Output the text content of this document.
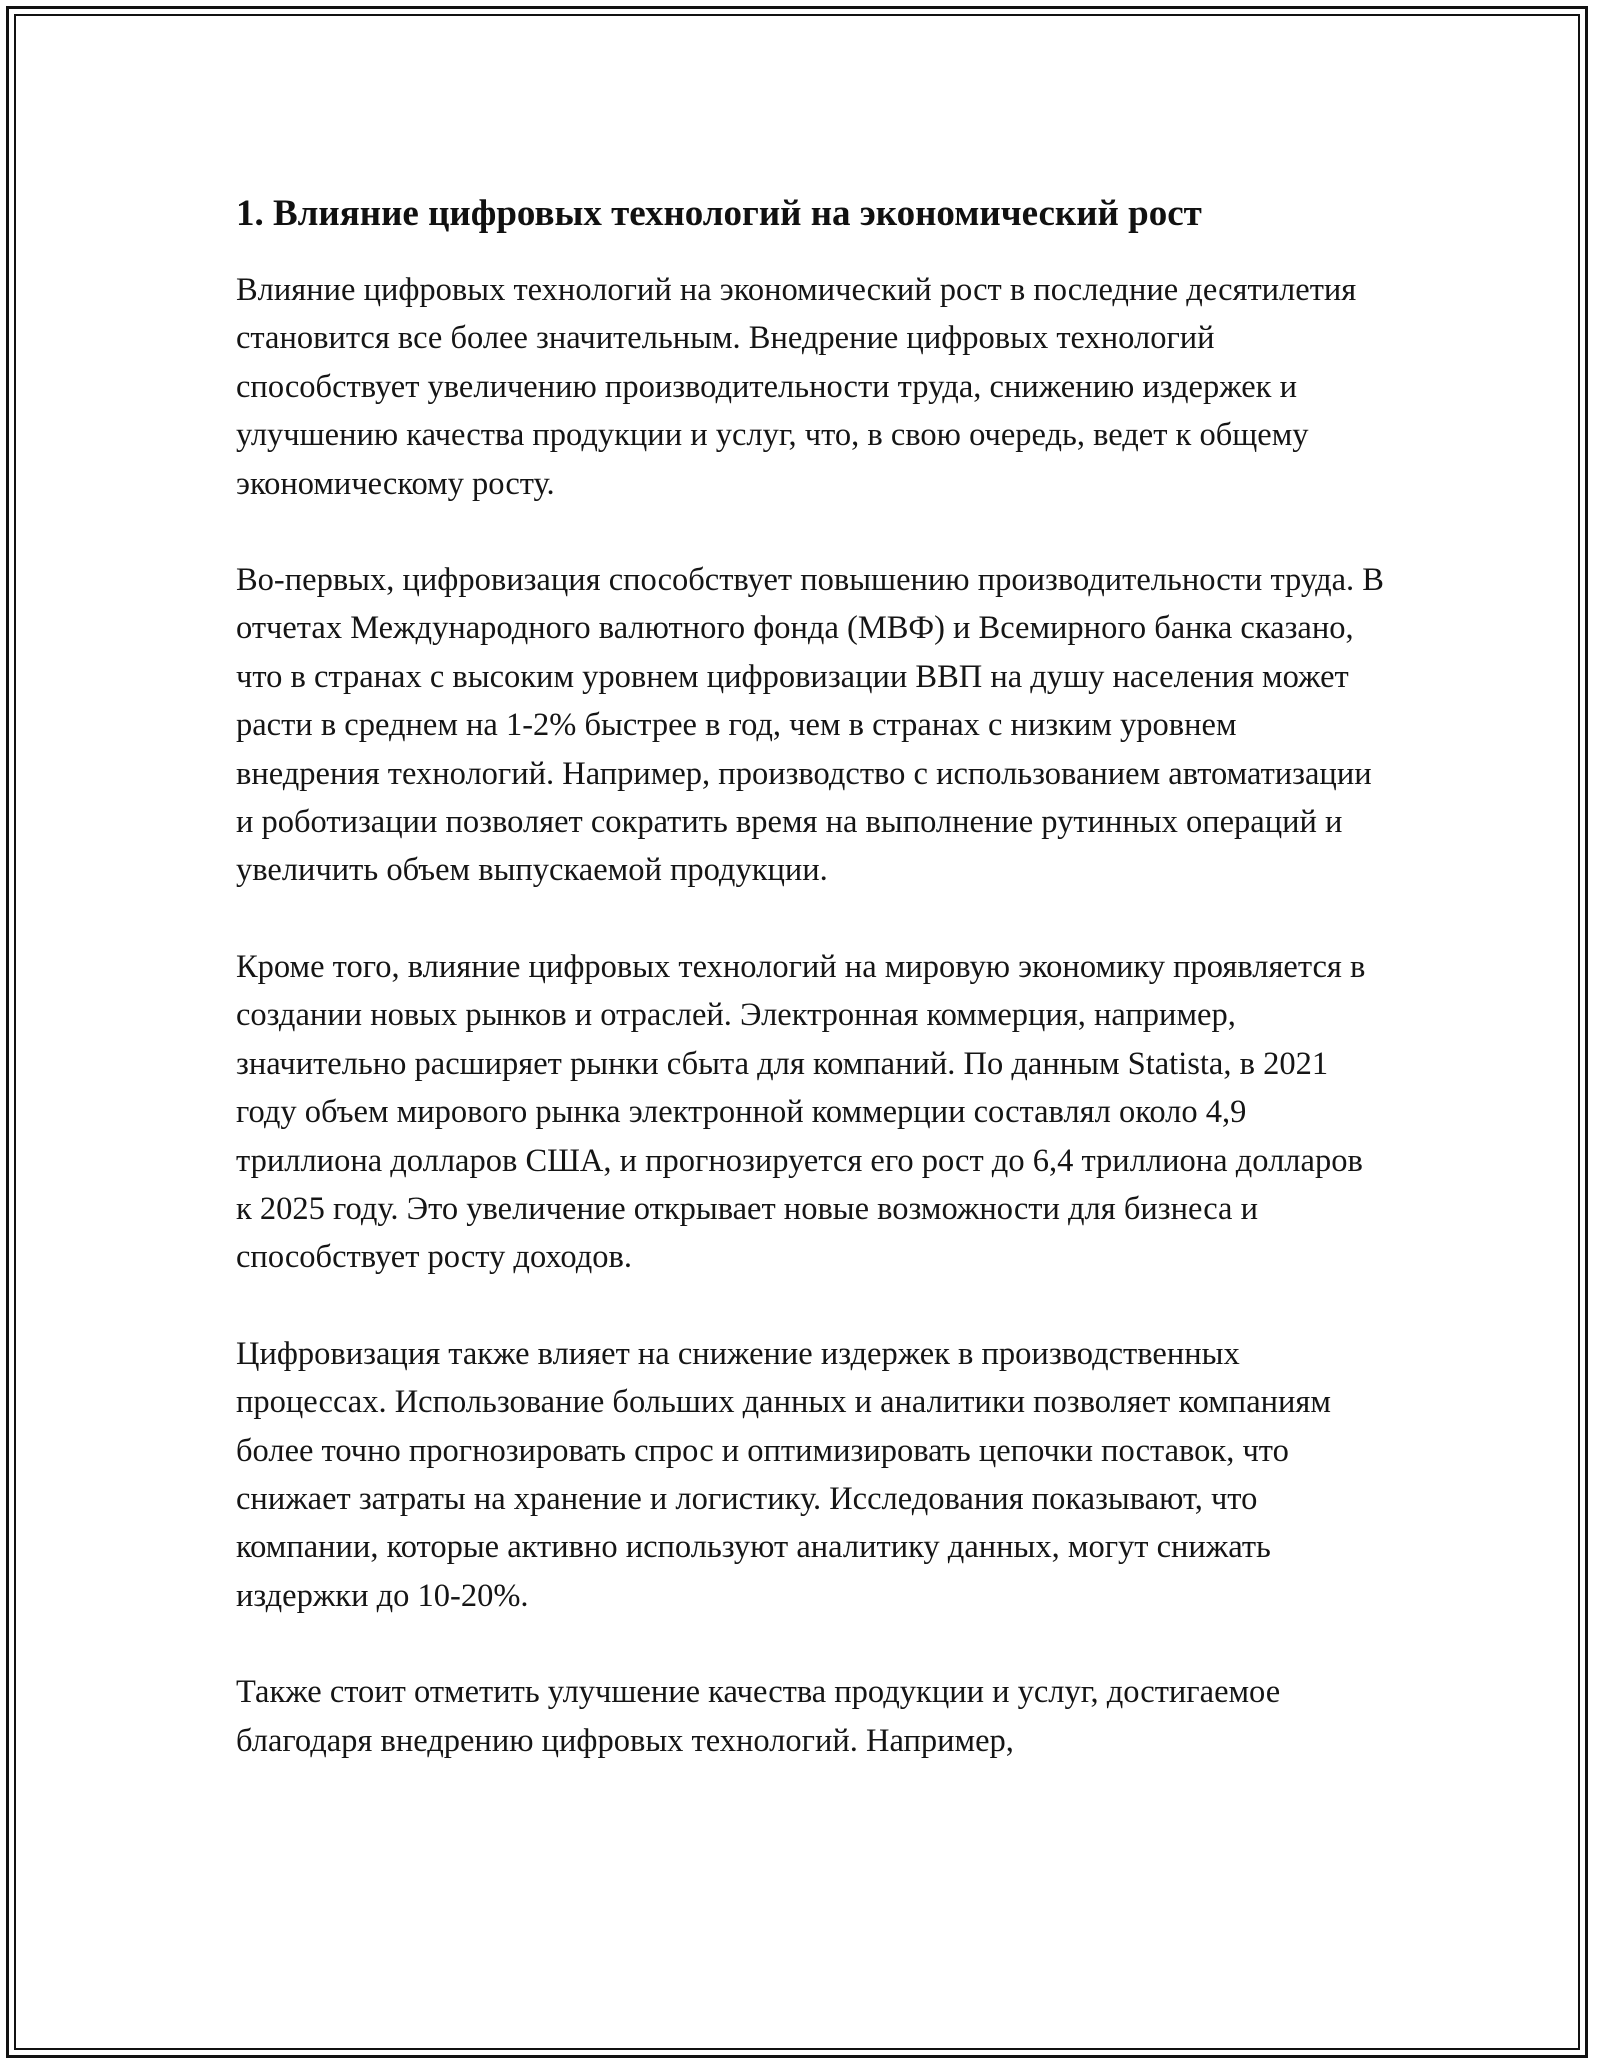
1. Влияние цифровых технологий на экономический рост

Влияние цифровых технологий на экономический рост в последние десятилетия становится все более значительным. Внедрение цифровых технологий способствует увеличению производительности труда, снижению издержек и улучшению качества продукции и услуг, что, в свою очередь, ведет к общему экономическому росту.

Во-первых, цифровизация способствует повышению производительности труда. В отчетах Международного валютного фонда (МВФ) и Всемирного банка сказано, что в странах с высоким уровнем цифровизации ВВП на душу населения может расти в среднем на 1-2% быстрее в год, чем в странах с низким уровнем внедрения технологий. Например, производство с использованием автоматизации и роботизации позволяет сократить время на выполнение рутинных операций и увеличить объем выпускаемой продукции.

Кроме того, влияние цифровых технологий на мировую экономику проявляется в создании новых рынков и отраслей. Электронная коммерция, например, значительно расширяет рынки сбыта для компаний. По данным Statista, в 2021 году объем мирового рынка электронной коммерции составлял около 4,9 триллиона долларов США, и прогнозируется его рост до 6,4 триллиона долларов к 2025 году. Это увеличение открывает новые возможности для бизнеса и способствует росту доходов.

Цифровизация также влияет на снижение издержек в производственных процессах. Использование больших данных и аналитики позволяет компаниям более точно прогнозировать спрос и оптимизировать цепочки поставок, что снижает затраты на хранение и логистику. Исследования показывают, что компании, которые активно используют аналитику данных, могут снижать издержки до 10-20%.

Также стоит отметить улучшение качества продукции и услуг, достигаемое благодаря внедрению цифровых технологий. Например,
